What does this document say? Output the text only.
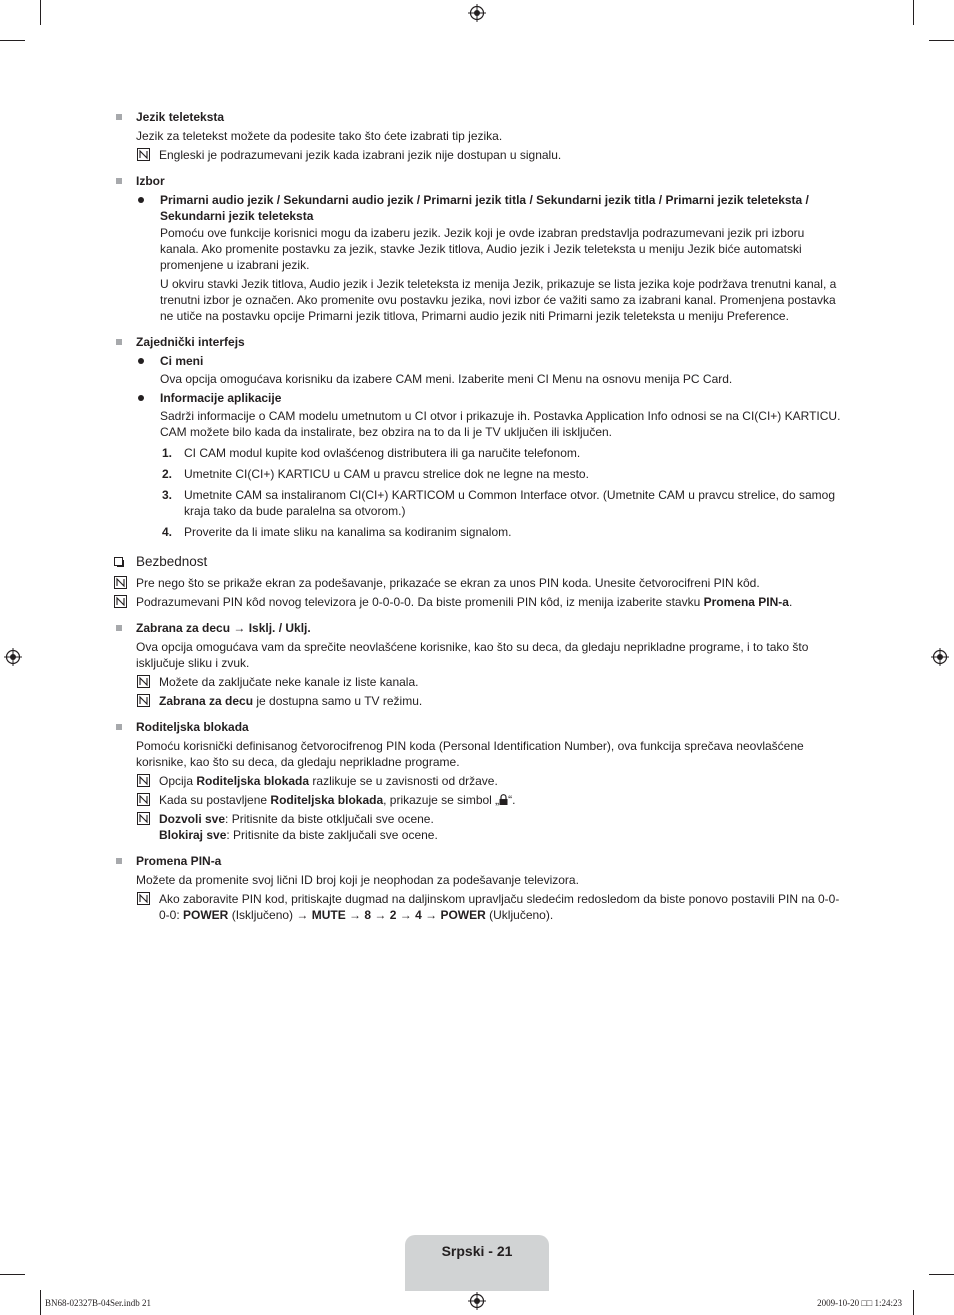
Jezik teleteksta
Jezik za teletekst možete da podesite tako što ćete izabrati tip jezika.
Engleski je podrazumevani jezik kada izabrani jezik nije dostupan u signalu.
Izbor
Primarni audio jezik / Sekundarni audio jezik / Primarni jezik titla / Sekundarni jezik titla / Primarni jezik teleteksta / Sekundarni jezik teleteksta
Pomoću ove funkcije korisnici mogu da izaberu jezik. Jezik koji je ovde izabran predstavlja podrazumevani jezik pri izboru kanala. Ako promenite postavku za jezik, stavke Jezik titlova, Audio jezik i Jezik teleteksta u meniju Jezik biće automatski promenjene u izabrani jezik.
U okviru stavki Jezik titlova, Audio jezik i Jezik teleteksta iz menija Jezik, prikazuje se lista jezika koje podržava trenutni kanal, a trenutni izbor je označen. Ako promenite ovu postavku jezika, novi izbor će važiti samo za izabrani kanal. Promenjena postavka ne utiče na postavku opcije Primarni jezik titlova, Primarni audio jezik niti Primarni jezik teleteksta u meniju Preference.
Zajednički interfejs
Ci meni
Ova opcija omogućava korisniku da izabere CAM meni. Izaberite meni CI Menu na osnovu menija PC Card.
Informacije aplikacije
Sadrži informacije o CAM modelu umetnutom u CI otvor i prikazuje ih. Postavka Application Info odnosi se na CI(CI+) KARTICU. CAM možete bilo kada da instalirate, bez obzira na to da li je TV uključen ili isključen.
1. CI CAM modul kupite kod ovlašćenog distributera ili ga naručite telefonom.
2. Umetnite CI(CI+) KARTICU u CAM u pravcu strelice dok ne legne na mesto.
3. Umetnite CAM sa instaliranom CI(CI+) KARTICOM u Common Interface otvor. (Umetnite CAM u pravcu strelice, do samog kraja tako da bude paralelna sa otvorom.)
4. Proverite da li imate sliku na kanalima sa kodiranim signalom.
Bezbednost
Pre nego što se prikaže ekran za podešavanje, prikazaće se ekran za unos PIN koda. Unesite četvorocifreni PIN kôd.
Podrazumevani PIN kôd novog televizora je 0-0-0-0. Da biste promenili PIN kôd, iz menija izaberite stavku Promena PIN-a.
Zabrana za decu → Isklj. / Uklj.
Ova opcija omogućava vam da sprečite neovlašćene korisnike, kao što su deca, da gledaju neprikladne programe, i to tako što isključuje sliku i zvuk.
Možete da zaključate neke kanale iz liste kanala.
Zabrana za decu je dostupna samo u TV režimu.
Roditeljska blokada
Pomoću korisnički definisanog četvorocifrenog PIN koda (Personal Identification Number), ova funkcija sprečava neovlašćene korisnike, kao što su deca, da gledaju neprikladne programe.
Opcija Roditeljska blokada razlikuje se u zavisnosti od države.
Kada su postavljene Roditeljska blokada, prikazuje se simbol „ “.
Dozvoli sve: Pritisnite da biste otključali sve ocene.
Blokiraj sve: Pritisnite da biste zaključali sve ocene.
Promena PIN-a
Možete da promenite svoj lični ID broj koji je neophodan za podešavanje televizora.
Ako zaboravite PIN kod, pritiskajte dugmad na daljinskom upravljaču sledećim redosledom da biste ponovo postavili PIN na 0-0-0-0: POWER (Isključeno) → MUTE → 8 → 2 → 4 → POWER (Uključeno).
Srpski - 21
BN68-02327B-04Ser.indb 21	2009-10-20 □□ 1:24:23
